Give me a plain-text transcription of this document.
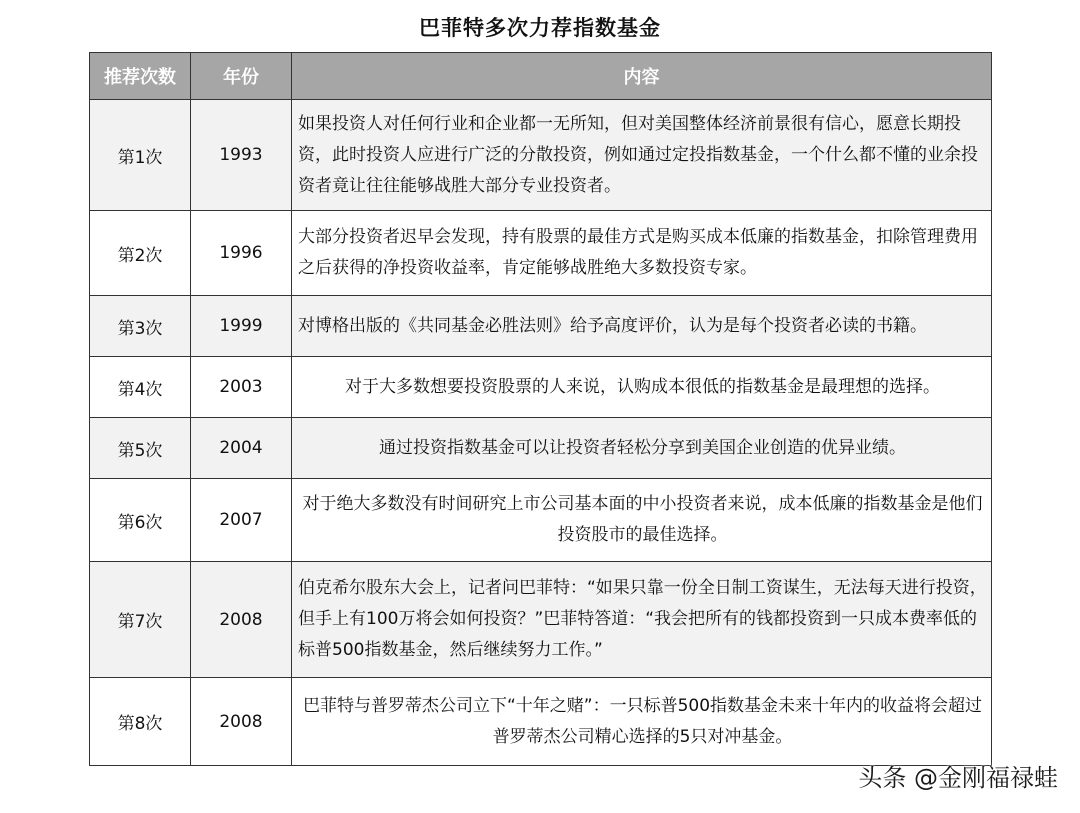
巴菲特多次力荐指数基金
推荐次数	年份	内容
第1次	1993	如果投资人对任何行业和企业都一无所知，但对美国整体经济前景很有信心，愿意长期投资，此时投资人应进行广泛的分散投资，例如通过定投指数基金，一个什么都不懂的业余投资者竟让往往能够战胜大部分专业投资者。
第2次	1996	大部分投资者迟早会发现，持有股票的最佳方式是购买成本低廉的指数基金，扣除管理费用之后获得的净投资收益率，肯定能够战胜绝大多数投资专家。
第3次	1999	对博格出版的《共同基金必胜法则》给予高度评价，认为是每个投资者必读的书籍。
第4次	2003	对于大多数想要投资股票的人来说，认购成本很低的指数基金是最理想的选择。
第5次	2004	通过投资指数基金可以让投资者轻松分享到美国企业创造的优异业绩。
第6次	2007	对于绝大多数没有时间研究上市公司基本面的中小投资者来说，成本低廉的指数基金是他们投资股市的最佳选择。
第7次	2008	伯克希尔股东大会上，记者问巴菲特：“如果只靠一份全日制工资谋生，无法每天进行投资，但手上有100万将会如何投资？”巴菲特答道：“我会把所有的钱都投资到一只成本费率低的标普500指数基金，然后继续努力工作。”
第8次	2008	巴菲特与普罗蒂杰公司立下“十年之赌”：一只标普500指数基金未来十年内的收益将会超过普罗蒂杰公司精心选择的5只对冲基金。
头条 @金刚福禄蛙
